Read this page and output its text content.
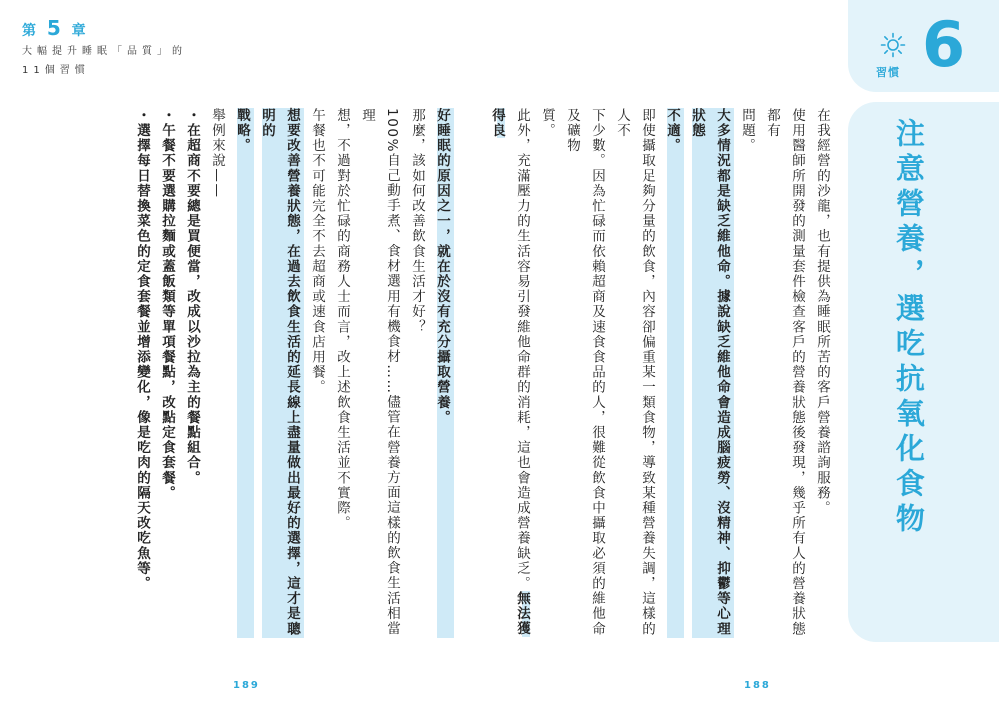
第 5 章
大幅提升睡眠「品質」的
11個習慣	習慣 6
注意營養，選吃抗氧化食物
在我經營的沙龍，也有提供為睡眠所苦的客戶營養諮詢服務。
使用醫師所開發的測量套件檢查客戶的營養狀態後發現，幾乎所有人的營養狀態都有
問題。
大多情況都是缺乏維他命。據說缺乏維他命會造成腦疲勞、沒精神、抑鬱等心理狀態
不適。
即使攝取足夠分量的飲食，內容卻偏重某一類食物，導致某種營養失調，這樣的人不
下少數。因為忙碌而依賴超商及速食食品的人，很難從飲食中攝取必須的維他命及礦物
質。
此外，充滿壓力的生活容易引發維他命群的消耗，這也會造成營養缺乏。無法獲得良
好睡眠的原因之一，就在於沒有充分攝取營養。
那麼，該如何改善飲食生活才好？
100%自己動手煮、食材選用有機食材……儘管在營養方面這樣的飲食生活相當理
想，不過對於忙碌的商務人士而言，改上述飲食生活並不實際。
午餐也不可能完全不去超商或速食店用餐。
想要改善營養狀態，在過去飲食生活的延長線上盡量做出最好的選擇，這才是聰明的
戰略。
舉例來說——
・在超商不要總是買便當，改成以沙拉為主的餐點組合。
・午餐不要選購拉麵或蓋飯類等單項餐點，改點定食套餐。
・選擇每日替換菜色的定食套餐並增添變化，像是吃肉的隔天改吃魚等。
189	188
